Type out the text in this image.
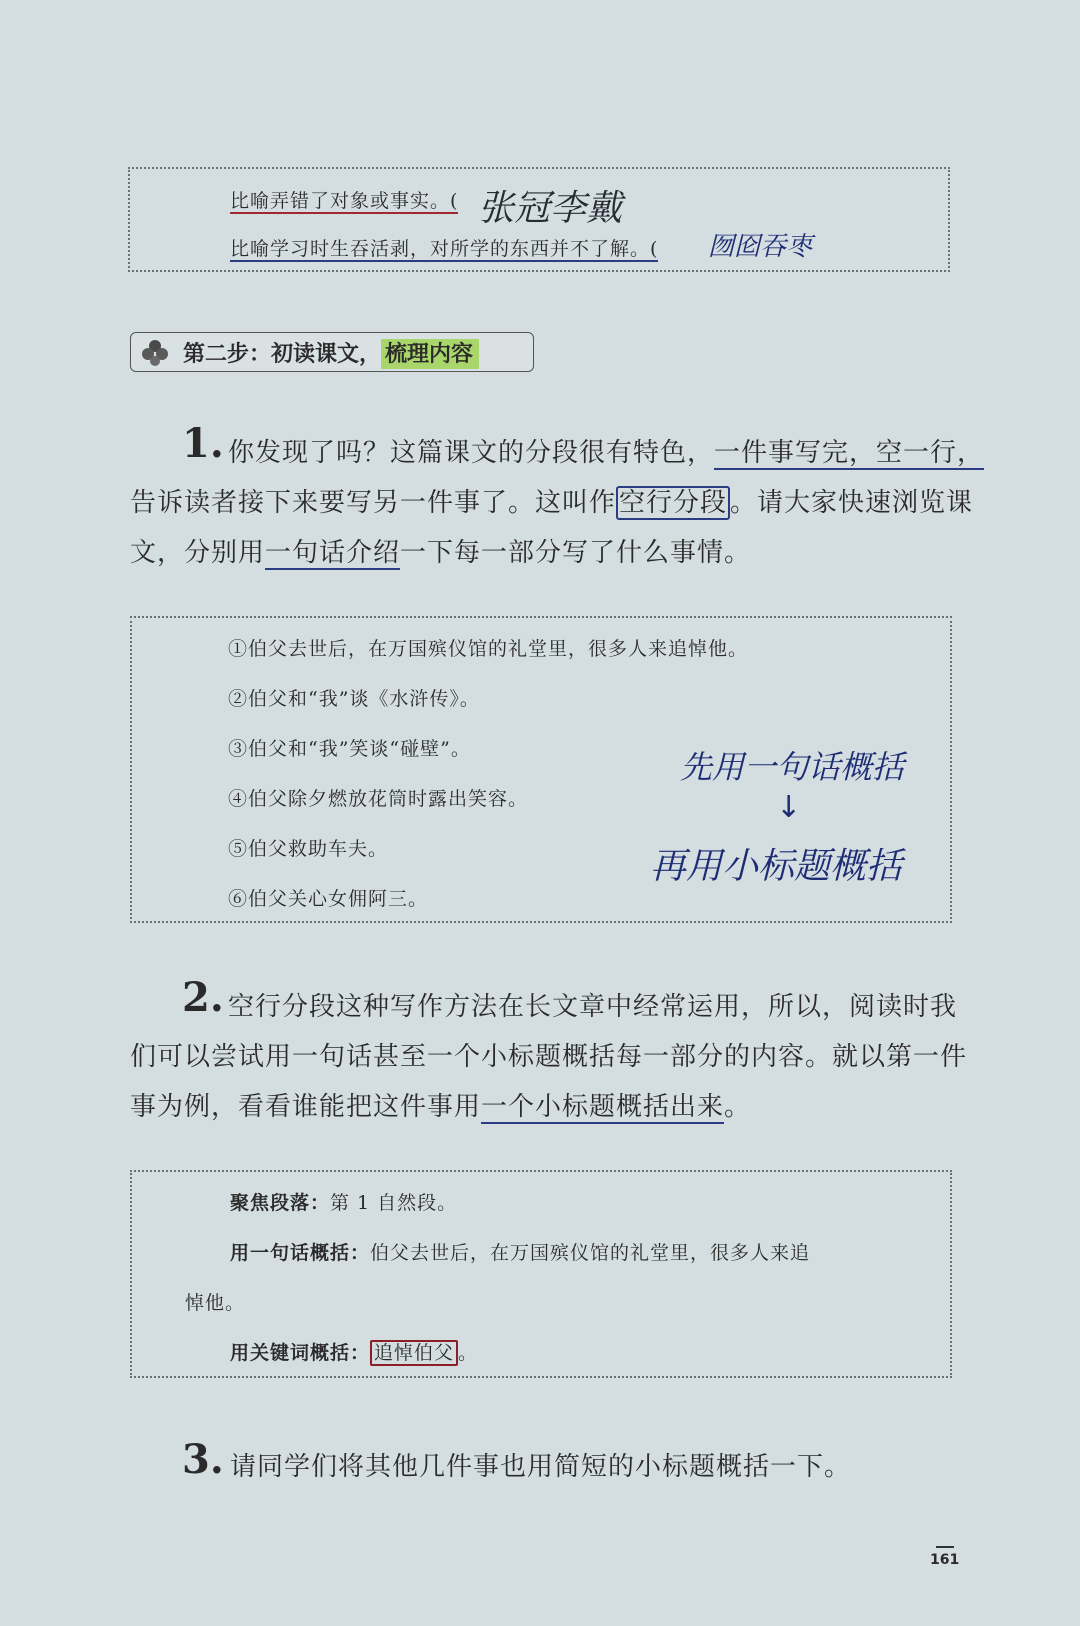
比喻弄错了对象或事实。( 张冠李戴
比喻学习时生吞活剥，对所学的东西并不了解。( 囫囵吞枣
第二步：初读课文， 梳理内容
1. 你发现了吗？这篇课文的分段很有特色，一件事写完，空一行，
告诉读者接下来要写另一件事了。这叫作 空行分段 。请大家快速浏览课
文，分别用一句话介绍一下每一部分写了什么事情。
①伯父去世后，在万国殡仪馆的礼堂里，很多人来追悼他。
②伯父和“我”谈《水浒传》。
③伯父和“我”笑谈“碰壁”。
④伯父除夕燃放花筒时露出笑容。
⑤伯父救助车夫。
⑥伯父关心女佣阿三。
先用一句话概括
↓
再用小标题概括
2. 空行分段这种写作方法在长文章中经常运用，所以，阅读时我
们可以尝试用一句话甚至一个小标题概括每一部分的内容。就以第一件
事为例，看看谁能把这件事用一个小标题概括出来。
聚焦段落：第 1 自然段。
用一句话概括：伯父去世后，在万国殡仪馆的礼堂里，很多人来追
悼他。
用关键词概括： 追悼伯父 。
3. 请同学们将其他几件事也用简短的小标题概括一下。
161
